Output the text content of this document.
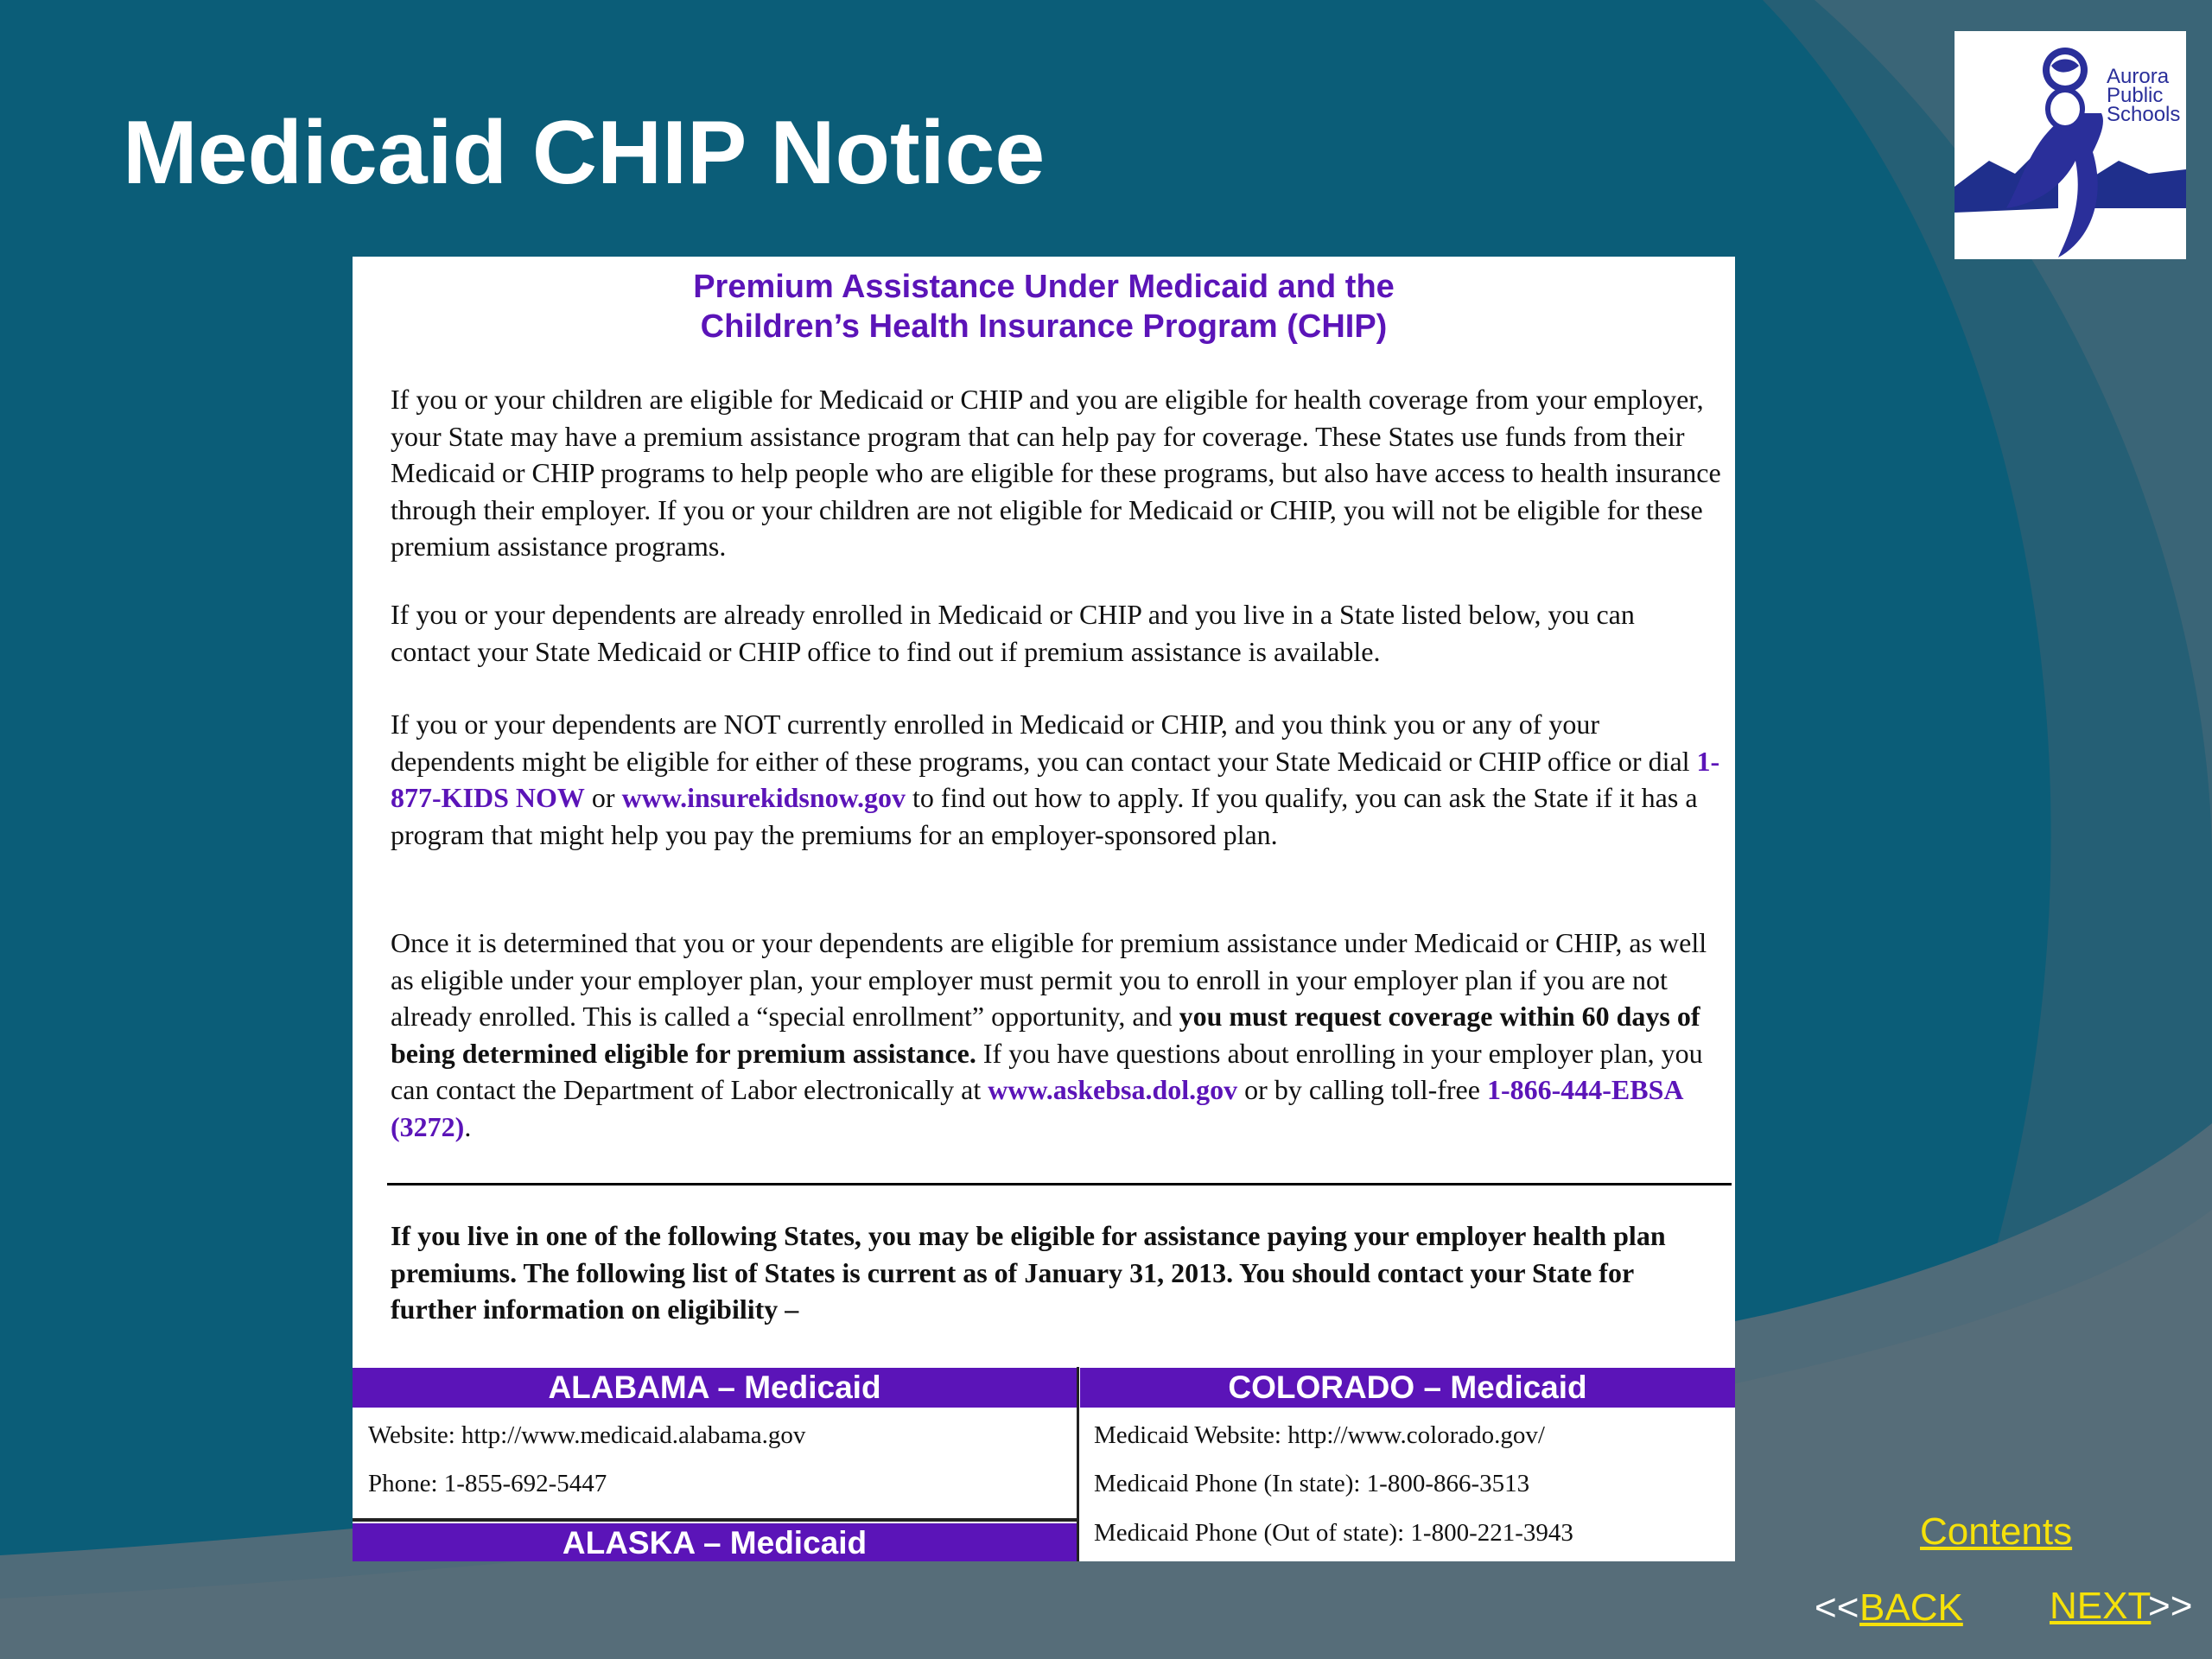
Medicaid CHIP Notice
Aurora
Public
Schools
Premium Assistance Under Medicaid and the
Children’s Health Insurance Program (CHIP)

If you or your children are eligible for Medicaid or CHIP and you are eligible for health coverage from your employer, your State may have a premium assistance program that can help pay for coverage. These States use funds from their Medicaid or CHIP programs to help people who are eligible for these programs, but also have access to health insurance through their employer. If you or your children are not eligible for Medicaid or CHIP, you will not be eligible for these premium assistance programs.

If you or your dependents are already enrolled in Medicaid or CHIP and you live in a State listed below, you can contact your State Medicaid or CHIP office to find out if premium assistance is available.

If you or your dependents are NOT currently enrolled in Medicaid or CHIP, and you think you or any of your dependents might be eligible for either of these programs, you can contact your State Medicaid or CHIP office or dial 1-877-KIDS NOW or www.insurekidsnow.gov to find out how to apply. If you qualify, you can ask the State if it has a program that might help you pay the premiums for an employer-sponsored plan.

Once it is determined that you or your dependents are eligible for premium assistance under Medicaid or CHIP, as well as eligible under your employer plan, your employer must permit you to enroll in your employer plan if you are not already enrolled. This is called a “special enrollment” opportunity, and you must request coverage within 60 days of being determined eligible for premium assistance. If you have questions about enrolling in your employer plan, you can contact the Department of Labor electronically at www.askebsa.dol.gov or by calling toll-free 1-866-444-EBSA (3272).

If you live in one of the following States, you may be eligible for assistance paying your employer health plan premiums. The following list of States is current as of January 31, 2013. You should contact your State for further information on eligibility –

ALABAMA – Medicaid
Website: http://www.medicaid.alabama.gov
Phone: 1-855-692-5447
COLORADO – Medicaid
Medicaid Website: http://www.colorado.gov/
Medicaid Phone (In state): 1-800-866-3513
Medicaid Phone (Out of state): 1-800-221-3943
ALASKA – Medicaid	Contents
<< BACK NEXT
>>
